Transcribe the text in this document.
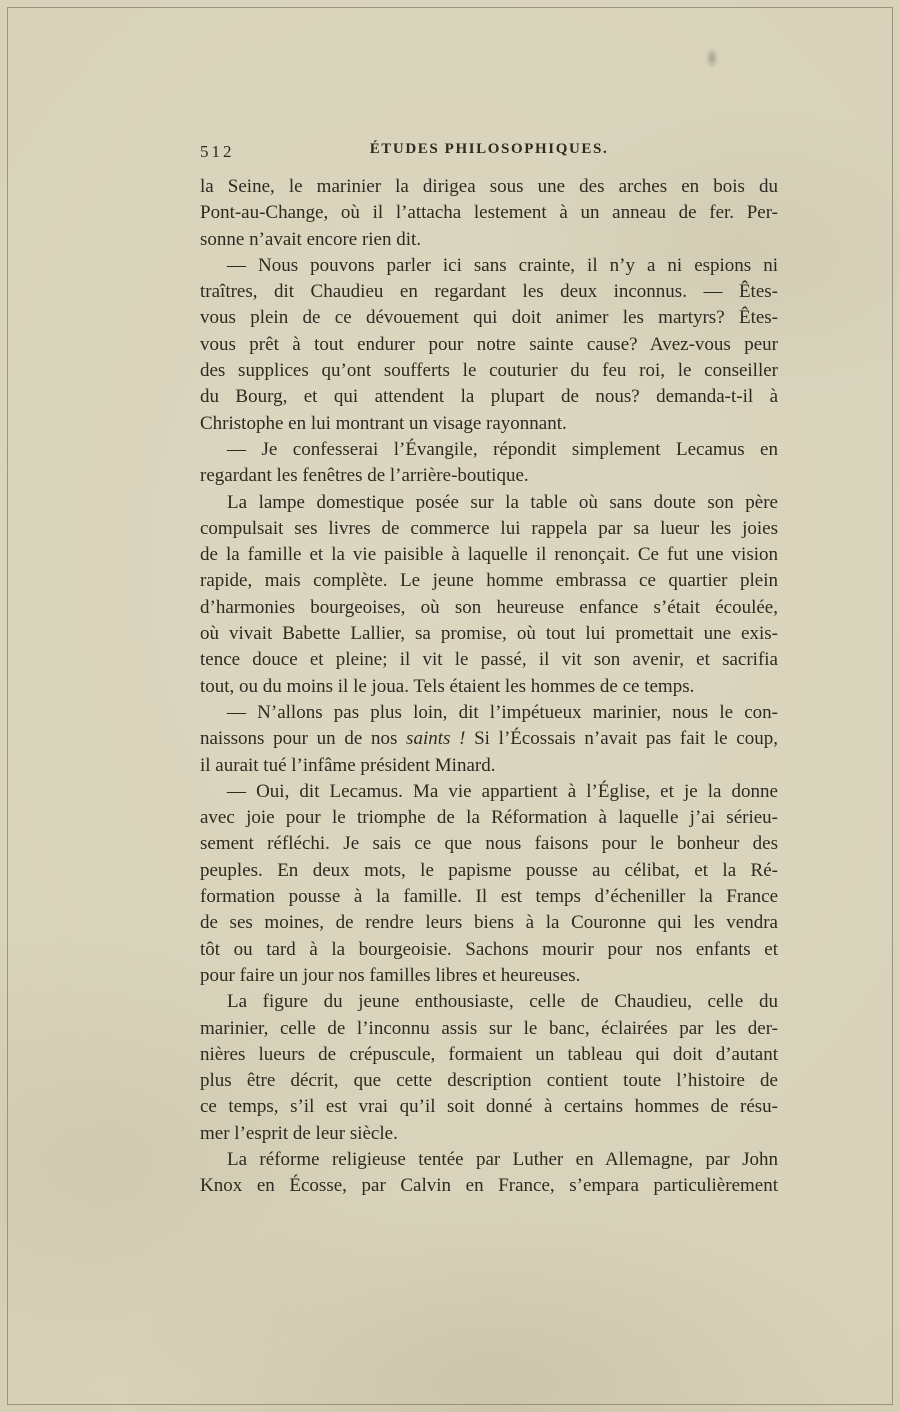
512	ÉTUDES PHILOSOPHIQUES.
la Seine, le marinier la dirigea sous une des arches en bois du
Pont-au-Change, où il l’attacha lestement à un anneau de fer. Per-
sonne n’avait encore rien dit.
— Nous pouvons parler ici sans crainte, il n’y a ni espions ni
traîtres, dit Chaudieu en regardant les deux inconnus. — Êtes-
vous plein de ce dévouement qui doit animer les martyrs? Êtes-
vous prêt à tout endurer pour notre sainte cause? Avez-vous peur
des supplices qu’ont soufferts le couturier du feu roi, le conseiller
du Bourg, et qui attendent la plupart de nous? demanda-t-il à
Christophe en lui montrant un visage rayonnant.
— Je confesserai l’Évangile, répondit simplement Lecamus en
regardant les fenêtres de l’arrière-boutique.
La lampe domestique posée sur la table où sans doute son père
compulsait ses livres de commerce lui rappela par sa lueur les joies
de la famille et la vie paisible à laquelle il renonçait. Ce fut une vision
rapide, mais complète. Le jeune homme embrassa ce quartier plein
d’harmonies bourgeoises, où son heureuse enfance s’était écoulée,
où vivait Babette Lallier, sa promise, où tout lui promettait une exis-
tence douce et pleine; il vit le passé, il vit son avenir, et sacrifia
tout, ou du moins il le joua. Tels étaient les hommes de ce temps.
— N’allons pas plus loin, dit l’impétueux marinier, nous le con-
naissons pour un de nos saints ! Si l’Écossais n’avait pas fait le coup,
il aurait tué l’infâme président Minard.
— Oui, dit Lecamus. Ma vie appartient à l’Église, et je la donne
avec joie pour le triomphe de la Réformation à laquelle j’ai sérieu-
sement réfléchi. Je sais ce que nous faisons pour le bonheur des
peuples. En deux mots, le papisme pousse au célibat, et la Ré-
formation pousse à la famille. Il est temps d’écheniller la France
de ses moines, de rendre leurs biens à la Couronne qui les vendra
tôt ou tard à la bourgeoisie. Sachons mourir pour nos enfants et
pour faire un jour nos familles libres et heureuses.
La figure du jeune enthousiaste, celle de Chaudieu, celle du
marinier, celle de l’inconnu assis sur le banc, éclairées par les der-
nières lueurs de crépuscule, formaient un tableau qui doit d’autant
plus être décrit, que cette description contient toute l’histoire de
ce temps, s’il est vrai qu’il soit donné à certains hommes de résu-
mer l’esprit de leur siècle.
La réforme religieuse tentée par Luther en Allemagne, par John
Knox en Écosse, par Calvin en France, s’empara particulièrement
